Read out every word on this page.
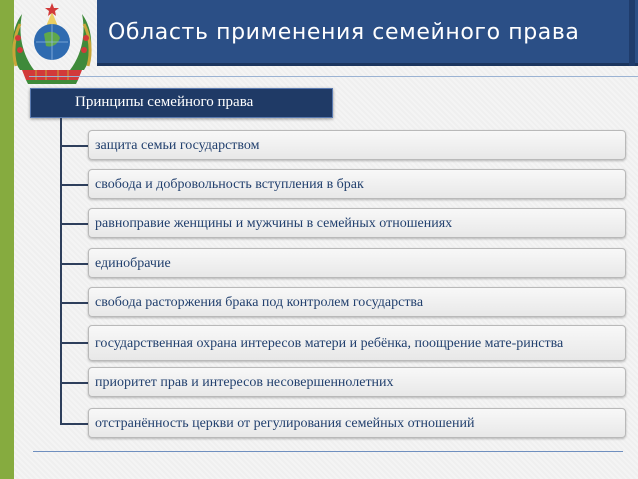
Область применения семейного права
Принципы семейного права
защита семьи государством
свобода и добровольность вступления в брак
равноправие женщины и мужчины в семейных отношениях
единобрачие
свобода расторжения брака под контролем государства
государственная охрана интересов матери и ребёнка, поощрение мате-ринства
приоритет прав и интересов несовершеннолетних
отстранённость церкви от регулирования семейных отношений
